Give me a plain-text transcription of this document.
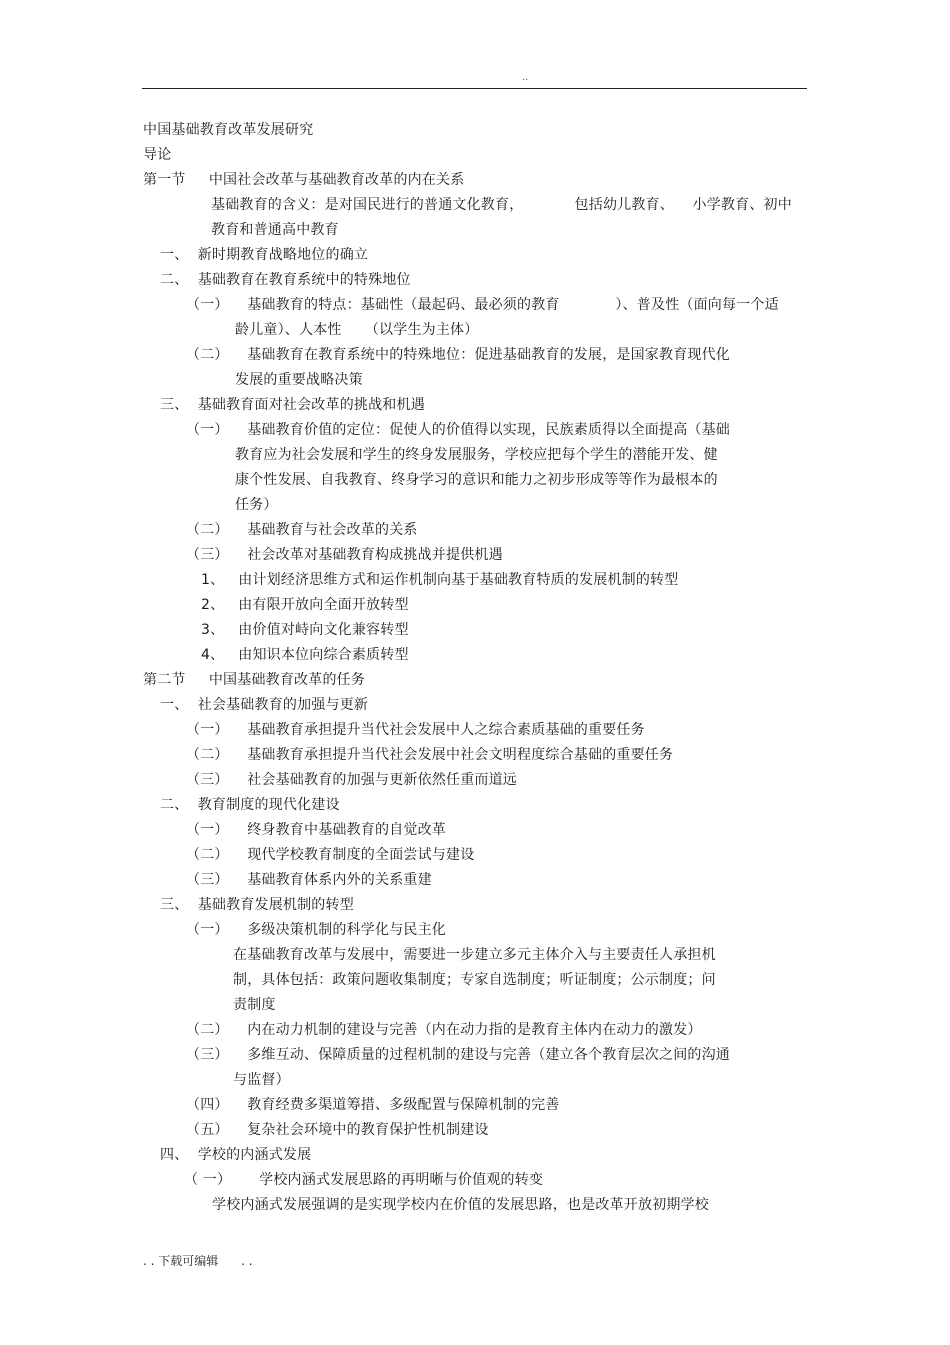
..
中国基础教育改革发展研究
导论
第一节     中国社会改革与基础教育改革的内在关系
基础教育的含义：是对国民进行的普通文化教育，           包括幼儿教育、    小学教育、初中
教育和普通高中教育
一、  新时期教育战略地位的确立
二、  基础教育在教育系统中的特殊地位
（一）    基础教育的特点：基础性（最起码、最必须的教育            ）、普及性（面向每一个适
龄儿童）、人本性     （以学生为主体）
（二）    基础教育在教育系统中的特殊地位：促进基础教育的发展，是国家教育现代化
发展的重要战略决策
三、  基础教育面对社会改革的挑战和机遇
（一）    基础教育价值的定位：促使人的价值得以实现，民族素质得以全面提高（基础
教育应为社会发展和学生的终身发展服务，学校应把每个学生的潜能开发、健
康个性发展、自我教育、终身学习的意识和能力之初步形成等等作为最根本的
任务）
（二）    基础教育与社会改革的关系
（三）    社会改革对基础教育构成挑战并提供机遇
1、   由计划经济思维方式和运作机制向基于基础教育特质的发展机制的转型
2、   由有限开放向全面开放转型
3、   由价值对峙向文化兼容转型
4、   由知识本位向综合素质转型
第二节     中国基础教育改革的任务
一、  社会基础教育的加强与更新
（一）    基础教育承担提升当代社会发展中人之综合素质基础的重要任务
（二）    基础教育承担提升当代社会发展中社会文明程度综合基础的重要任务
（三）    社会基础教育的加强与更新依然任重而道远
二、  教育制度的现代化建设
（一）    终身教育中基础教育的自觉改革
（二）    现代学校教育制度的全面尝试与建设
（三）    基础教育体系内外的关系重建
三、  基础教育发展机制的转型
（一）    多级决策机制的科学化与民主化
在基础教育改革与发展中，需要进一步建立多元主体介入与主要责任人承担机
制，具体包括：政策问题收集制度；专家自选制度；听证制度；公示制度；问
责制度
（二）    内在动力机制的建设与完善（内在动力指的是教育主体内在动力的激发）
（三）    多维互动、保障质量的过程机制的建设与完善（建立各个教育层次之间的沟通
与监督）
（四）    教育经费多渠道筹措、多级配置与保障机制的完善
（五）    复杂社会环境中的教育保护性机制建设
四、  学校的内涵式发展
（ 一）      学校内涵式发展思路的再明晰与价值观的转变
学校内涵式发展强调的是实现学校内在价值的发展思路，也是改革开放初期学校
. . 下载可编辑      . .
